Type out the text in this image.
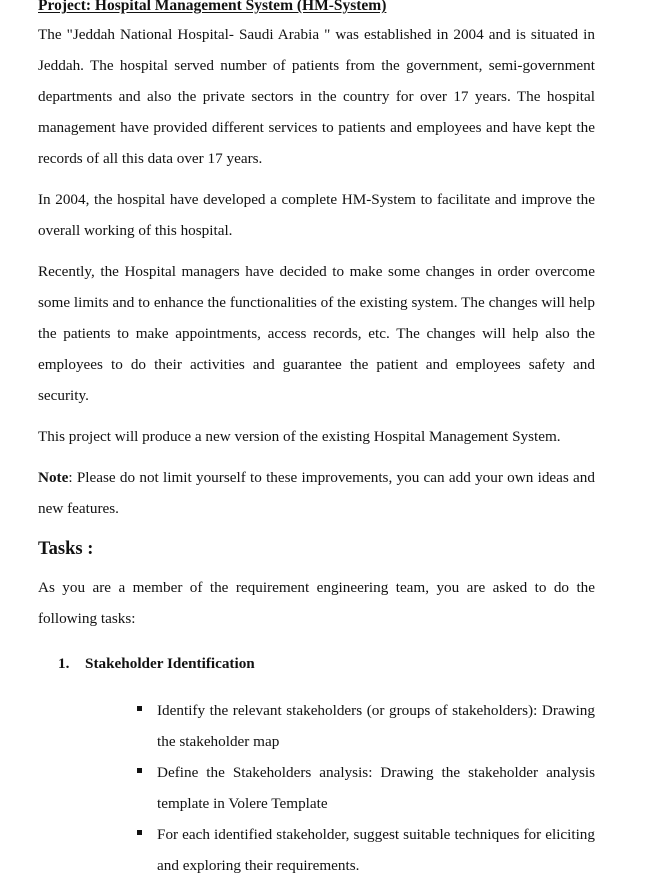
Project: Hospital Management System (HM-System)

The "Jeddah National Hospital- Saudi Arabia " was established in 2004 and is situated in Jeddah. The hospital served number of patients from the government, semi-government departments and also the private sectors in the country for over 17 years. The hospital management have provided different services to patients and employees and have kept the records of all this data over 17 years.

In 2004, the hospital have developed a complete HM-System to facilitate and improve the overall working of this hospital.

Recently, the Hospital managers have decided to make some changes in order overcome some limits and to enhance the functionalities of the existing system. The changes will help the patients to make appointments, access records, etc. The changes will help also the employees to do their activities and guarantee the patient and employees safety and security.

This project will produce a new version of the existing Hospital Management System.

Note: Please do not limit yourself to these improvements, you can add your own ideas and new features.

Tasks :

As you are a member of the requirement engineering team, you are asked to do the following tasks:

1. Stakeholder Identification
Identify the relevant stakeholders (or groups of stakeholders): Drawing the stakeholder map
Define the Stakeholders analysis: Drawing the stakeholder analysis template in Volere Template
For each identified stakeholder, suggest suitable techniques for eliciting and exploring their requirements.
